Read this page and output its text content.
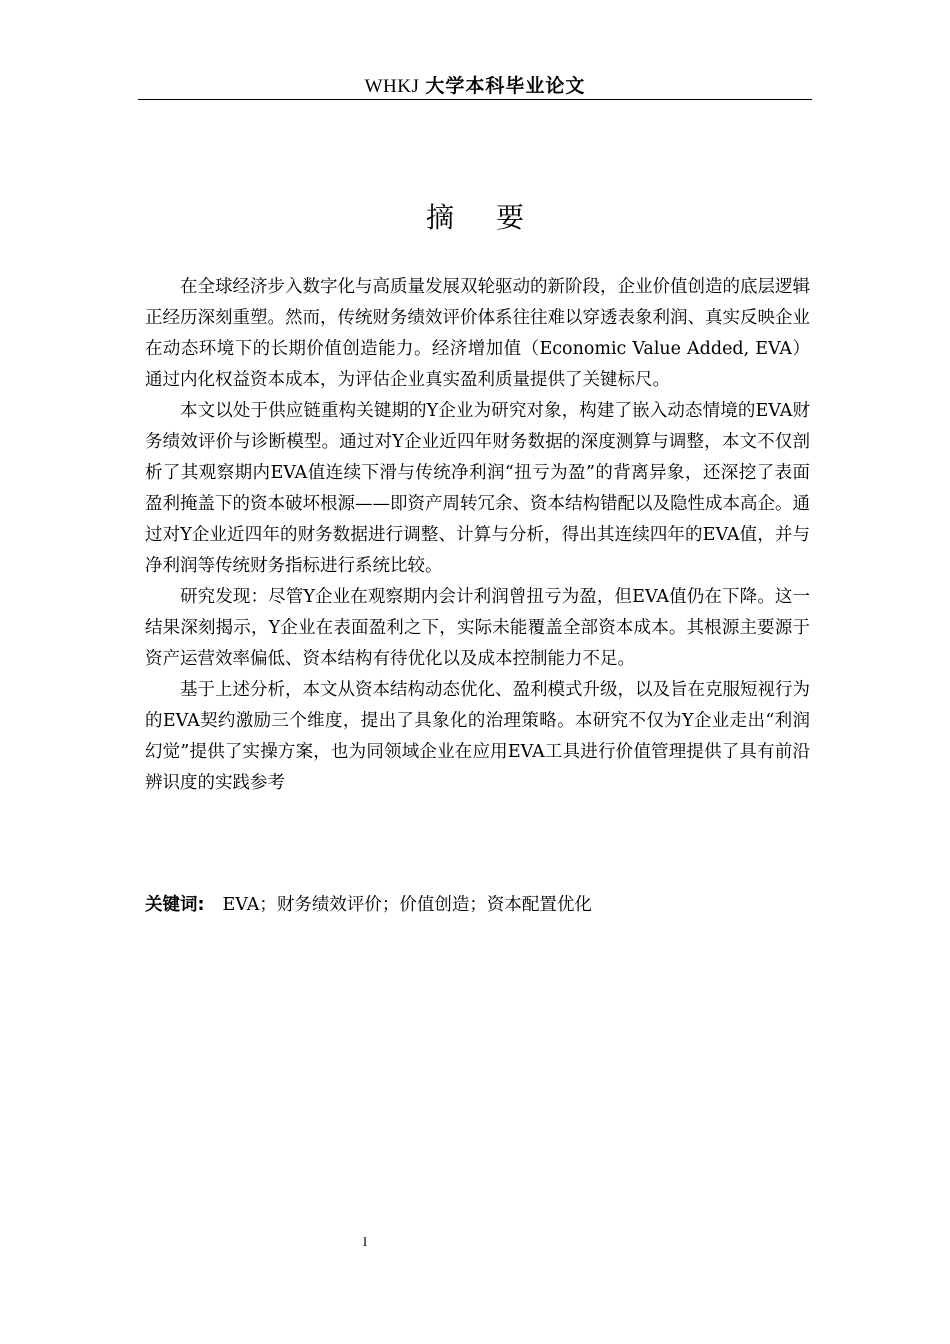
WHKJ 大学本科毕业论文
摘要

在全球经济步入数字化与高质量发展双轮驱动的新阶段，企业价值创造的底层逻辑正经历深刻重塑。然而，传统财务绩效评价体系往往难以穿透表象利润、真实反映企业在动态环境下的长期价值创造能力。经济增加值（Economic Value Added, EVA）通过内化权益资本成本，为评估企业真实盈利质量提供了关键标尺。

本文以处于供应链重构关键期的Y企业为研究对象，构建了嵌入动态情境的EVA财务绩效评价与诊断模型。通过对Y企业近四年财务数据的深度测算与调整，本文不仅剖析了其观察期内EVA值连续下滑与传统净利润“扭亏为盈”的背离异象，还深挖了表面盈利掩盖下的资本破坏根源——即资产周转冗余、资本结构错配以及隐性成本高企。通过对Y企业近四年的财务数据进行调整、计算与分析，得出其连续四年的EVA值，并与净利润等传统财务指标进行系统比较。

研究发现：尽管Y企业在观察期内会计利润曾扭亏为盈，但EVA值仍在下降。这一结果深刻揭示，Y企业在表面盈利之下，实际未能覆盖全部资本成本。其根源主要源于资产运营效率偏低、资本结构有待优化以及成本控制能力不足。

基于上述分析，本文从资本结构动态优化、盈利模式升级，以及旨在克服短视行为的EVA契约激励三个维度，提出了具象化的治理策略。本研究不仅为Y企业走出“利润幻觉”提供了实操方案，也为同领域企业在应用EVA工具进行价值管理提供了具有前沿辨识度的实践参考

关键词: EVA；财务绩效评价；价值创造；资本配置优化
I
